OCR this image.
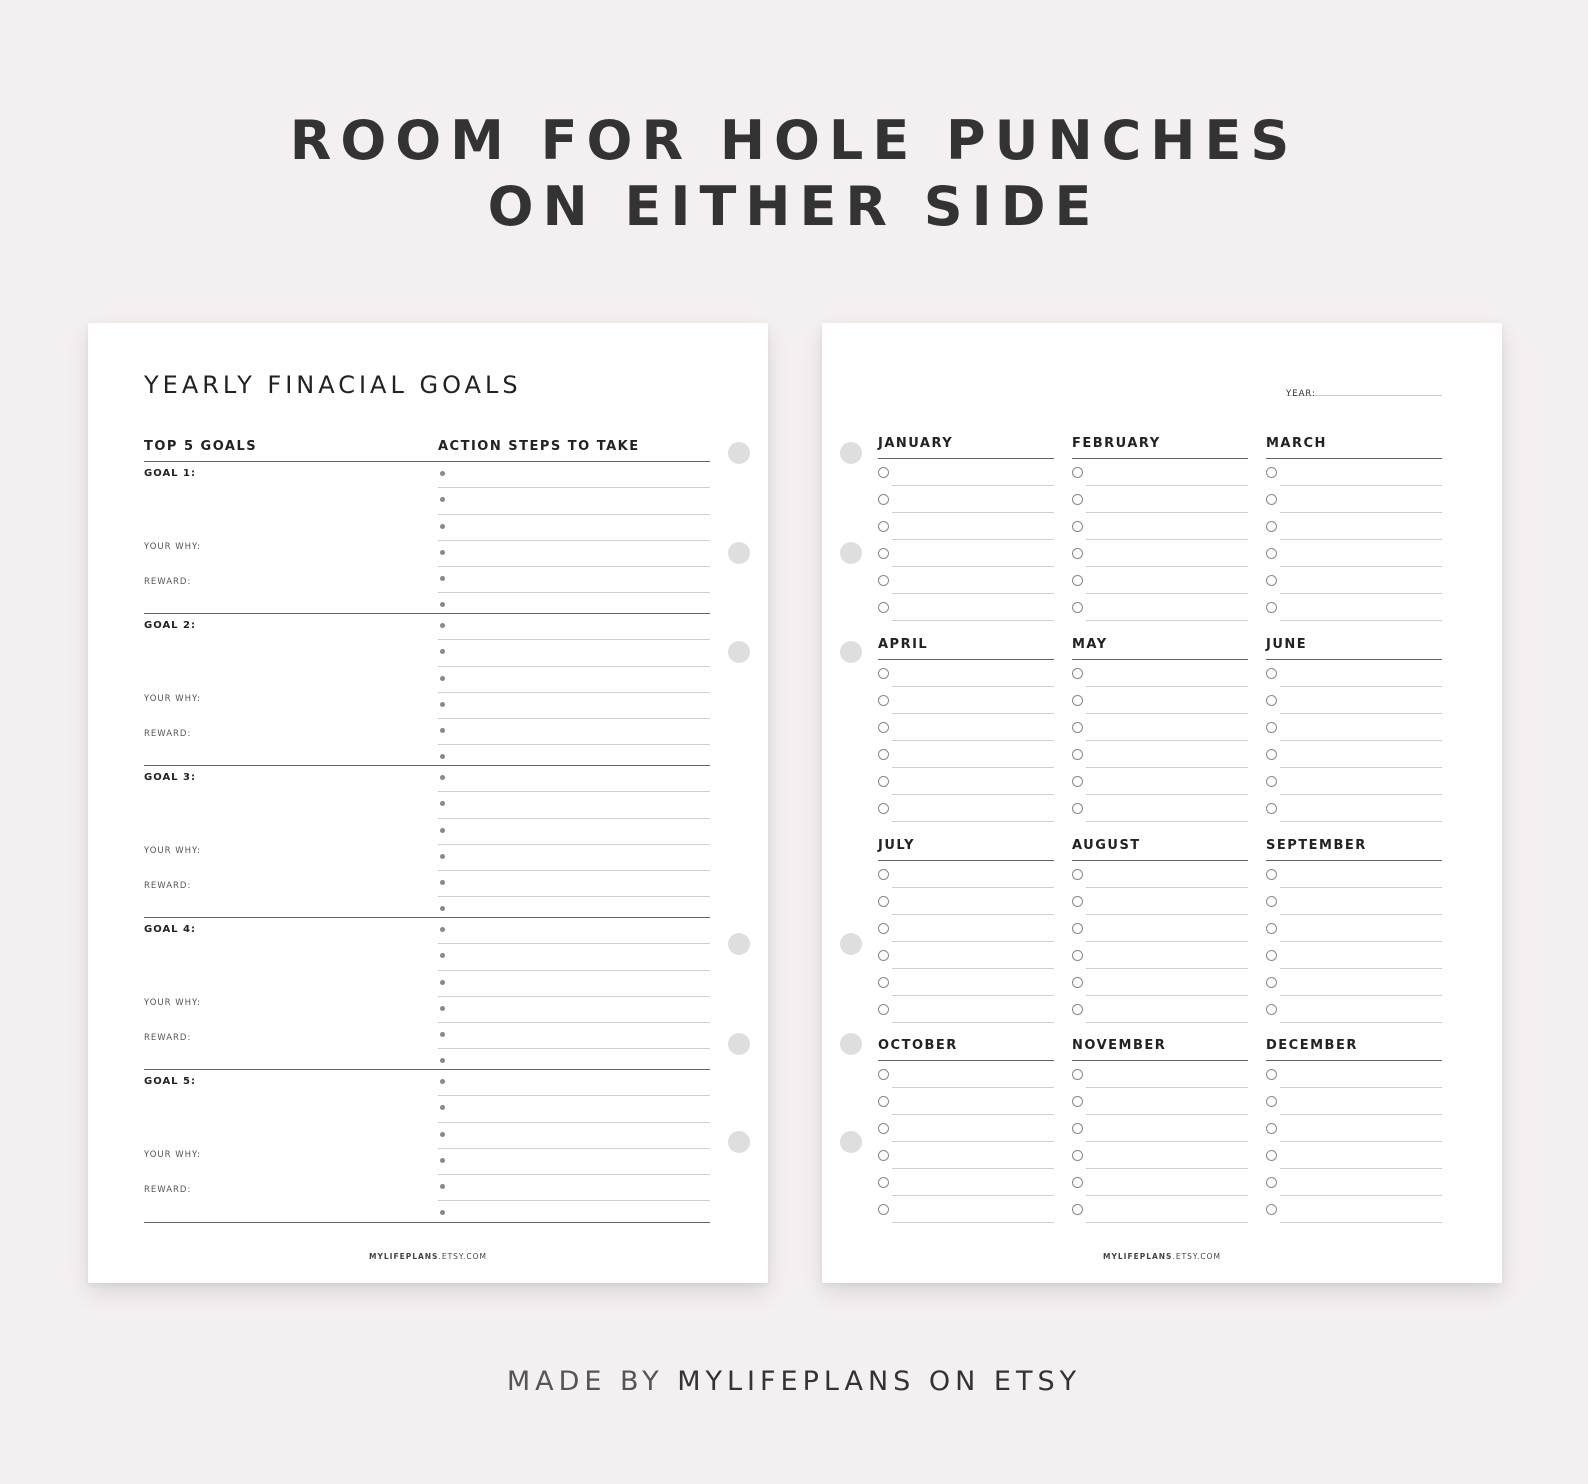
ROOM FOR HOLE PUNCHES
ON EITHER SIDE
YEARLY FINACIAL GOALS
TOP 5 GOALS	ACTION STEPS TO TAKE
GOAL 1:
YOUR WHY:
REWARD:
GOAL 2:
YOUR WHY:
REWARD:
GOAL 3:
YOUR WHY:
REWARD:
GOAL 4:
YOUR WHY:
REWARD:
GOAL 5:
YOUR WHY:
REWARD:
MYLIFEPLANS.ETSY.COM
YEAR:
JANUARY	FEBRUARY	MARCH
APRIL	MAY	JUNE
JULY	AUGUST	SEPTEMBER
OCTOBER	NOVEMBER	DECEMBER
MYLIFEPLANS.ETSY.COM
MADE BY MYLIFEPLANS ON ETSY
